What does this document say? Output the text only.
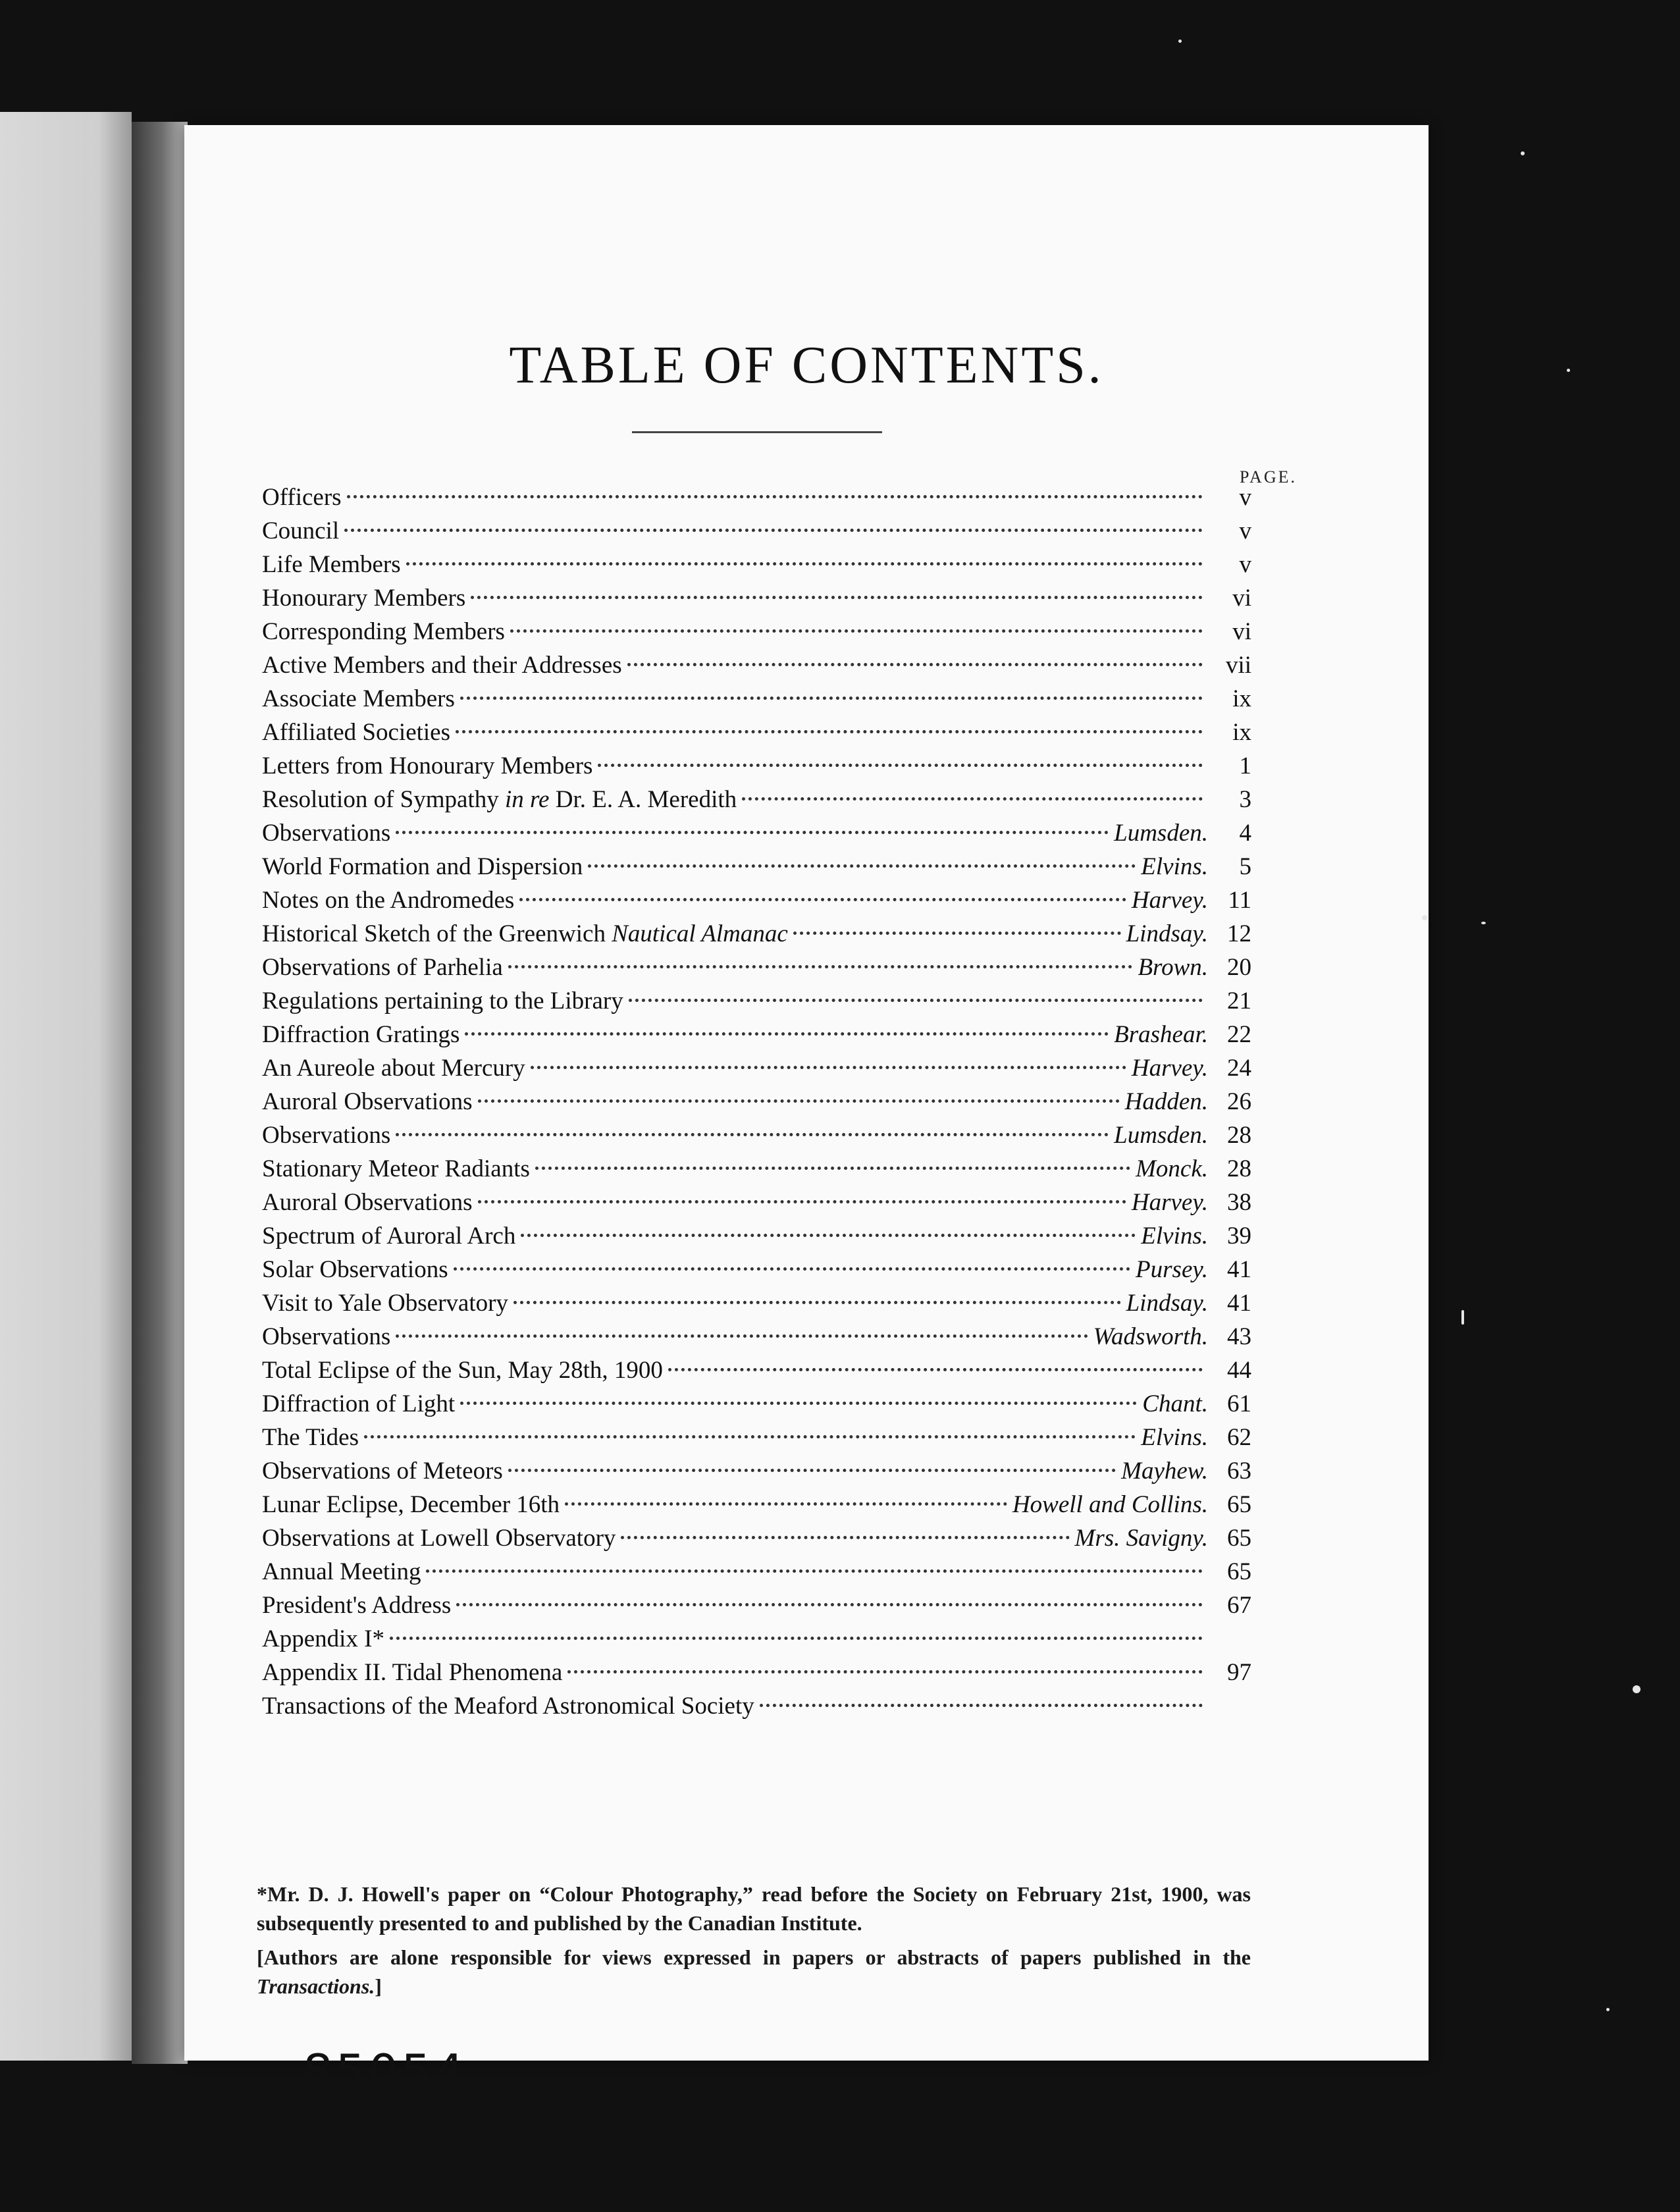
TABLE OF CONTENTS.
PAGE.
Officers	v
Council	v
Life Members	v
Honourary Members	vi
Corresponding Members	vi
Active Members and their Addresses	vii
Associate Members	ix
Affiliated Societies	ix
Letters from Honourary Members	1
Resolution of Sympathy in re Dr. E. A. Meredith	3
Observations	Lumsden.	4
World Formation and Dispersion	Elvins.	5
Notes on the Andromedes	Harvey. 11
Historical Sketch of the Greenwich Nautical Almanac	Lindsay. 12
Observations of Parhelia	Brown. 20
Regulations pertaining to the Library	21
Diffraction Gratings	Brashear. 22
An Aureole about Mercury	Harvey. 24
Auroral Observations	Hadden. 26
Observations	Lumsden. 28
Stationary Meteor Radiants	Monck. 28
Auroral Observations	Harvey. 38
Spectrum of Auroral Arch	Elvins. 39
Solar Observations	Pursey. 41
Visit to Yale Observatory	Lindsay. 41
Observations	Wadsworth. 43
Total Eclipse of the Sun, May 28th, 1900	44
Diffraction of Light	Chant. 61
The Tides	Elvins. 62
Observations of Meteors	Mayhew. 63
Lunar Eclipse, December 16th	Howell and Collins. 65
Observations at Lowell Observatory	Mrs. Savigny. 65
Annual Meeting	65
President's Address	67
Appendix I*
Appendix II. Tidal Phenomena	97
Transactions of the Meaford Astronomical Society

*Mr. D. J. Howell's paper on “Colour Photography,” read before the Society on February 21st, 1900, was subsequently presented to and published by the Canadian Institute.

[Authors are alone responsible for views expressed in papers or abstracts of papers published in the Transactions.]

85054
